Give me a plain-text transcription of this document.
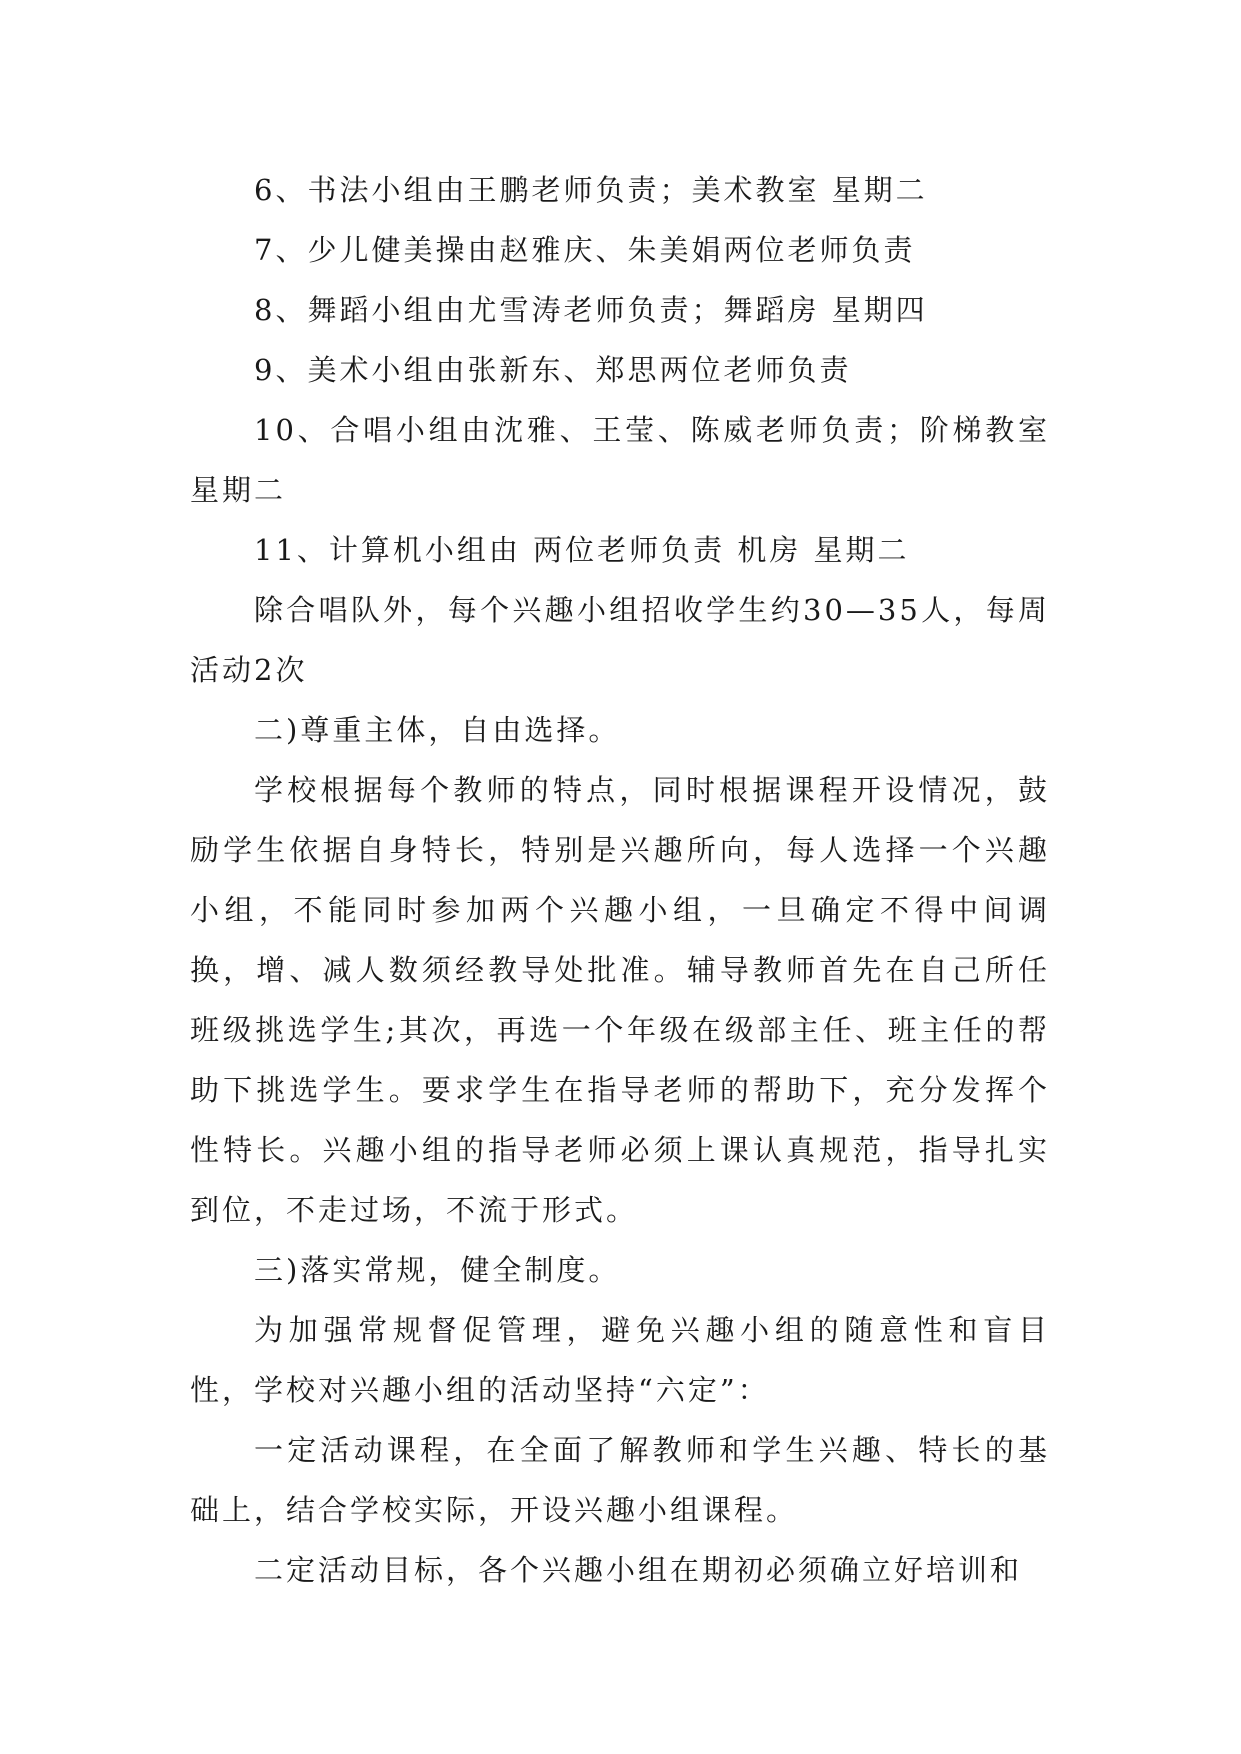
6、书法小组由王鹏老师负责；美术教室 星期二

7、少儿健美操由赵雅庆、朱美娟两位老师负责

8、舞蹈小组由尤雪涛老师负责；舞蹈房 星期四

9、美术小组由张新东、郑思两位老师负责

10、合唱小组由沈雅、王莹、陈威老师负责；阶梯教室 星期二

11、计算机小组由 两位老师负责 机房 星期二

除合唱队外，每个兴趣小组招收学生约30—35人，每周活动2次

二)尊重主体，自由选择。

学校根据每个教师的特点，同时根据课程开设情况，鼓励学生依据自身特长，特别是兴趣所向，每人选择一个兴趣小组，不能同时参加两个兴趣小组，一旦确定不得中间调换，增、减人数须经教导处批准。辅导教师首先在自己所任班级挑选学生;其次，再选一个年级在级部主任、班主任的帮助下挑选学生。要求学生在指导老师的帮助下，充分发挥个性特长。兴趣小组的指导老师必须上课认真规范，指导扎实到位，不走过场，不流于形式。

三)落实常规，健全制度。

为加强常规督促管理，避免兴趣小组的随意性和盲目性，学校对兴趣小组的活动坚持“六定”：

一定活动课程，在全面了解教师和学生兴趣、特长的基础上，结合学校实际，开设兴趣小组课程。

二定活动目标，各个兴趣小组在期初必须确立好培训和
